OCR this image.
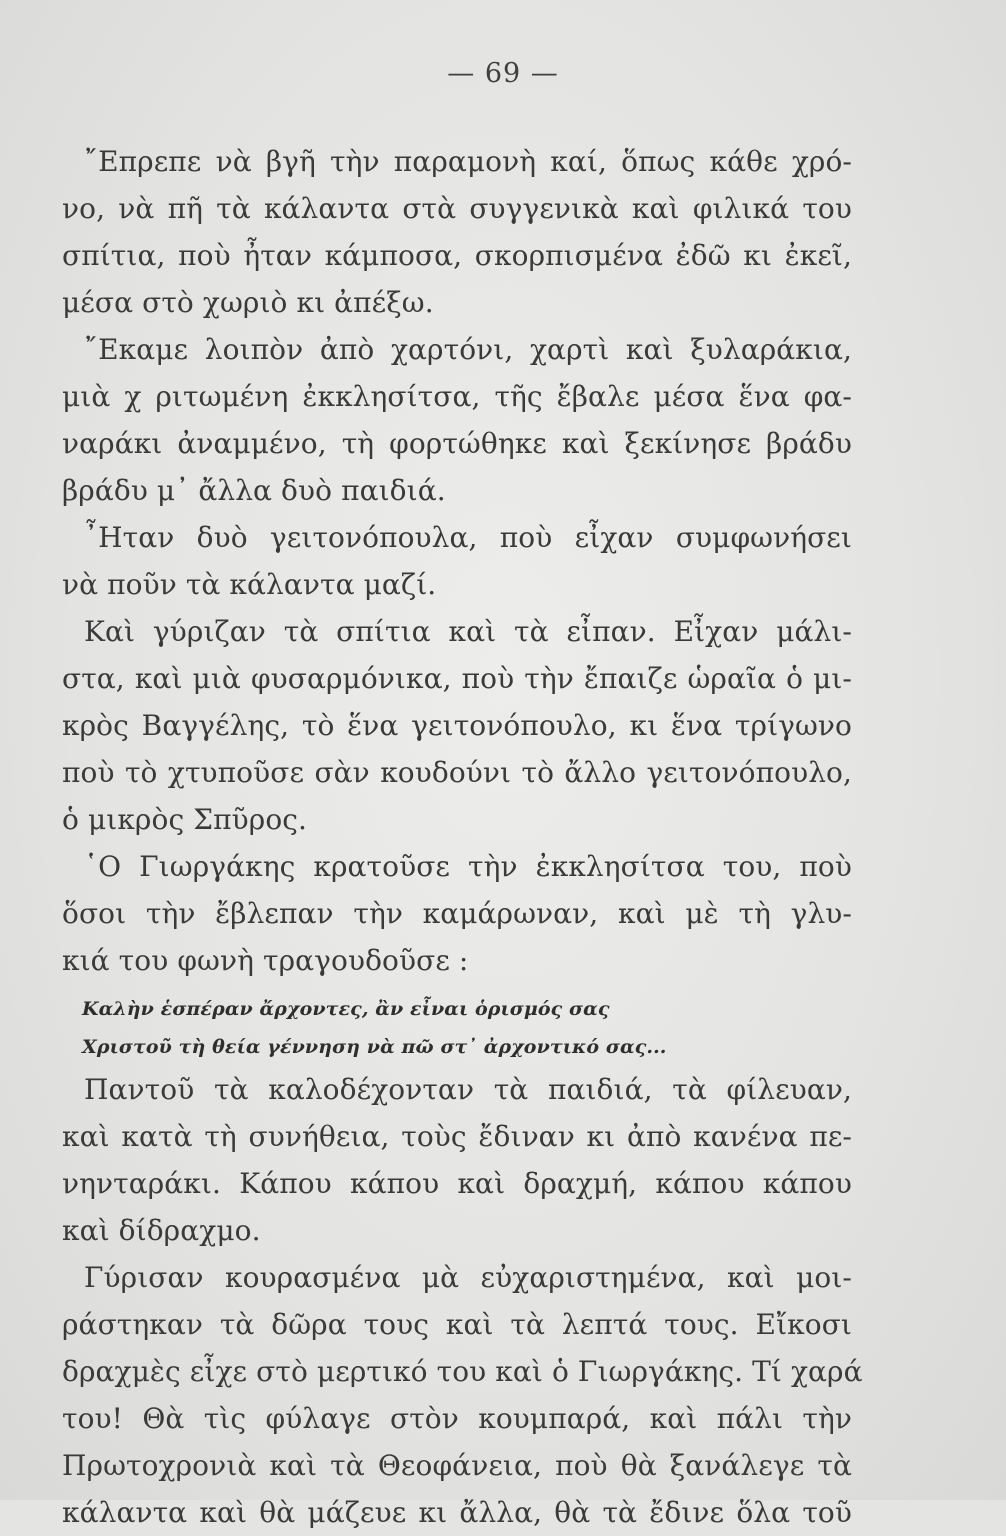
— 69 —
῎Επρεπε νὰ βγῆ τὴν παραμονὴ καί, ὅπως κάθε χρό-
νο, νὰ πῆ τὰ κάλαντα στὰ συγγενικὰ καὶ φιλικά του
σπίτια, ποὺ ἦταν κάμποσα, σκορπισμένα ἐδῶ κι ἐκεῖ,
μέσα στὸ χωριὸ κι ἀπέξω.
῎Εκαμε λοιπὸν ἀπὸ χαρτόνι, χαρτὶ καὶ ξυλαράκια,
μιὰ χ ριτωμένη ἐκκλησίτσα, τῆς ἔβαλε μέσα ἕνα φα-
ναράκι ἀναμμένο, τὴ φορτώθηκε καὶ ξεκίνησε βράδυ
βράδυ μ᾿ ἄλλα δυὸ παιδιά.
῏Ηταν δυὸ γειτονόπουλα, ποὺ εἶχαν συμφωνήσει
νὰ ποῦν τὰ κάλαντα μαζί.
Καὶ γύριζαν τὰ σπίτια καὶ τὰ εἶπαν. Εἶχαν μάλι-
στα, καὶ μιὰ φυσαρμόνικα, ποὺ τὴν ἔπαιζε ὡραῖα ὁ μι-
κρὸς Βαγγέλης, τὸ ἕνα γειτονόπουλο, κι ἕνα τρίγωνο
ποὺ τὸ χτυποῦσε σὰν κουδούνι τὸ ἄλλο γειτονόπουλο,
ὁ μικρὸς Σπῦρος.
῾Ο Γιωργάκης κρατοῦσε τὴν ἐκκλησίτσα του, ποὺ
ὅσοι τὴν ἔβλεπαν τὴν καμάρωναν, καὶ μὲ τὴ γλυ-
κιά του φωνὴ τραγουδοῦσε :
Καλὴν ἑσπέραν ἄρχοντες, ἂν εἶναι ὁρισμός σας
Χριστοῦ τὴ θεία γέννηση νὰ πῶ στ᾿ ἀρχοντικό σας...
Παντοῦ τὰ καλοδέχονταν τὰ παιδιά, τὰ φίλευαν,
καὶ κατὰ τὴ συνήθεια, τοὺς ἔδιναν κι ἀπὸ κανένα πε-
νηνταράκι. Κάπου κάπου καὶ δραχμή, κάπου κάπου
καὶ δίδραχμο.
Γύρισαν κουρασμένα μὰ εὐχαριστημένα, καὶ μοι-
ράστηκαν τὰ δῶρα τους καὶ τὰ λεπτά τους. Εἴκοσι
δραχμὲς εἶχε στὸ μερτικό του καὶ ὁ Γιωργάκης. Τί χαρά
του! Θὰ τὶς φύλαγε στὸν κουμπαρά, καὶ πάλι τὴν
Πρωτοχρονιὰ καὶ τὰ Θεοφάνεια, ποὺ θὰ ξανάλεγε τὰ
κάλαντα καὶ θὰ μάζευε κι ἄλλα, θὰ τὰ ἔδινε ὅλα τοῦ
